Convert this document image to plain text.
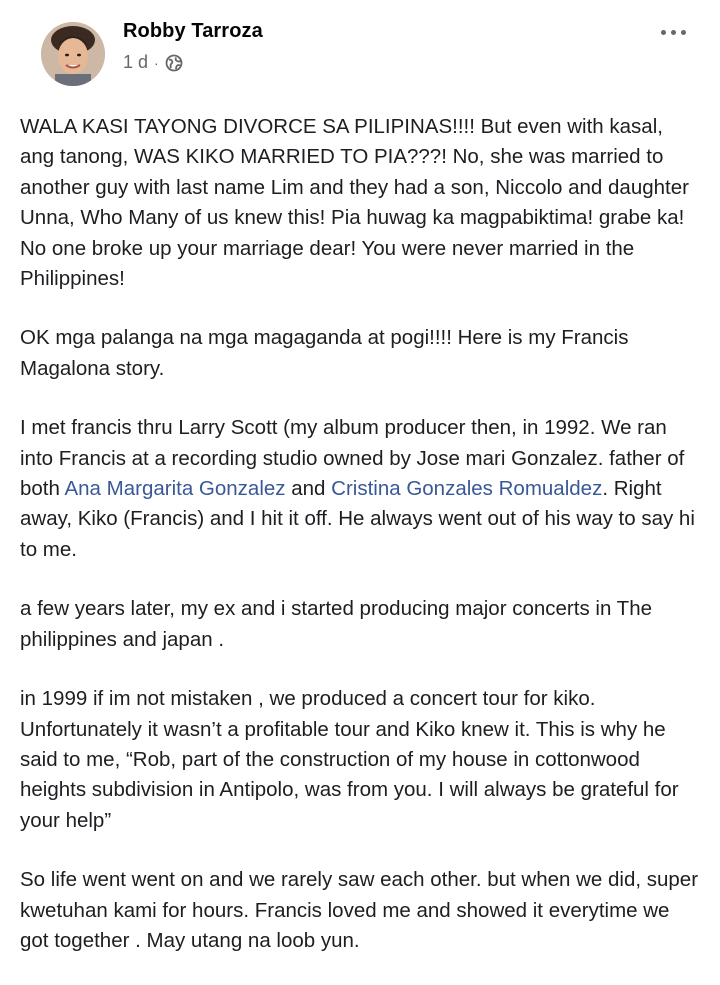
Robby Tarroza
1 d ·

WALA KASI TAYONG DIVORCE SA PILIPINAS!!!! But even with kasal, ang tanong, WAS KIKO MARRIED TO PIA???! No, she was married to another guy with last name Lim and they had a son, Niccolo and daughter Unna, Who Many of us knew this! Pia huwag ka magpabiktima! grabe ka! No one broke up your marriage dear! You were never married in the Philippines!

OK mga palanga na mga magaganda at pogi!!!! Here is my Francis Magalona story.

I met francis thru Larry Scott (my album producer then, in 1992. We ran into Francis at a recording studio owned by Jose mari Gonzalez. father of both Ana Margarita Gonzalez and Cristina Gonzales Romualdez. Right away, Kiko (Francis) and I hit it off. He always went out of his way to say hi to me.

a few years later, my ex and i started producing major concerts in The philippines and japan .

in 1999 if im not mistaken , we produced a concert tour for kiko. Unfortunately it wasn’t a profitable tour and Kiko knew it. This is why he said to me, “Rob, part of the construction of my house in cottonwood heights subdivision in Antipolo, was from you. I will always be grateful for your help”

So life went went on and we rarely saw each other. but when we did, super kwetuhan kami for hours. Francis loved me and showed it everytime we got together . May utang na loob yun.
